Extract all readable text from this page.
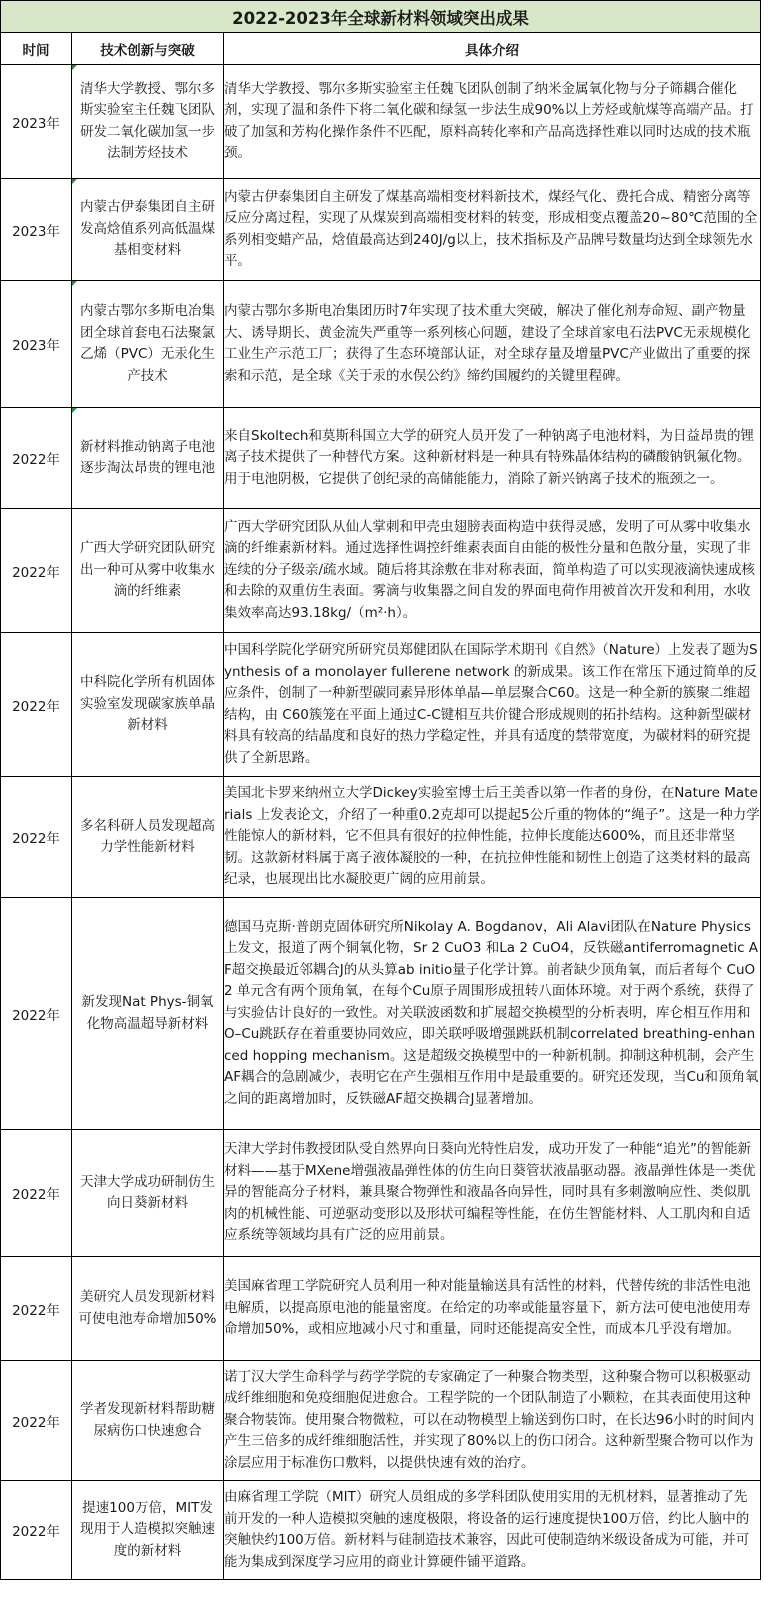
2022-2023年全球新材料领域突出成果		
时间	技术创新与突破	具体介绍
2023年	清华大学教授、鄂尔多斯实验室主任魏飞团队研发二氧化碳加氢一步法制芳烃技术	清华大学教授、鄂尔多斯实验室主任魏飞团队创制了纳米金属氧化物与分子筛耦合催化剂，实现了温和条件下将二氧化碳和绿氢一步法生成90%以上芳烃或航煤等高端产品。打破了加氢和芳构化操作条件不匹配，原料高转化率和产品高选择性难以同时达成的技术瓶颈。

2023年	内蒙古伊泰集团自主研发高焓值系列高低温煤基相变材料	内蒙古伊泰集团自主研发了煤基高端相变材料新技术，煤经气化、费托合成、精密分离等反应分离过程，实现了从煤炭到高端相变材料的转变，形成相变点覆盖20~80℃范围的全系列相变蜡产品，焓值最高达到240J/g以上，技术指标及产品牌号数量均达到全球领先水平。

2023年	内蒙古鄂尔多斯电冶集团全球首套电石法聚氯乙烯（PVC）无汞化生产技术	内蒙古鄂尔多斯电冶集团历时7年实现了技术重大突破，解决了催化剂寿命短、副产物量大、诱导期长、黄金流失严重等一系列核心问题，建设了全球首家电石法PVC无汞规模化工业生产示范工厂；获得了生态环境部认证，对全球存量及增量PVC产业做出了重要的探索和示范，是全球《关于汞的水俣公约》缔约国履约的关键里程碑。

2022年	新材料推动钠离子电池逐步淘汰昂贵的锂电池	来自Skoltech和莫斯科国立大学的研究人员开发了一种钠离子电池材料，为日益昂贵的锂离子技术提供了一种替代方案。这种新材料是一种具有特殊晶体结构的磷酸钠钒氟化物。用于电池阴极，它提供了创纪录的高储能能力，消除了新兴钠离子技术的瓶颈之一。

2022年	广西大学研究团队研究出一种可从雾中收集水滴的纤维素	广西大学研究团队从仙人掌刺和甲壳虫翅膀表面构造中获得灵感，发明了可从雾中收集水滴的纤维素新材料。通过选择性调控纤维素表面自由能的极性分量和色散分量，实现了非连续的分子级亲/疏水域。随后将其涂敷在非对称表面，简单构造了可以实现液滴快速成核和去除的双重仿生表面。雾滴与收集器之间自发的界面电荷作用被首次开发和利用，水收集效率高达93.18kg/（m²·h）。

2022年	中科院化学所有机固体实验室发现碳家族单晶新材料	中国科学院化学研究所研究员郑健团队在国际学术期刊《自然》（Nature）上发表了题为Synthesis of a monolayer fullerene network 的新成果。该工作在常压下通过简单的反应条件，创制了一种新型碳同素异形体单晶—单层聚合C60。这是一种全新的簇聚二维超结构，由 C60簇笼在平面上通过C-C键相互共价键合形成规则的拓扑结构。这种新型碳材料具有较高的结晶度和良好的热力学稳定性，并具有适度的禁带宽度，为碳材料的研究提供了全新思路。

2022年	多名科研人员发现超高力学性能新材料	美国北卡罗来纳州立大学Dickey实验室博士后王美香以第一作者的身份，在Nature Materials 上发表论文，介绍了一种重0.2克却可以提起5公斤重的物体的“绳子”。这是一种力学性能惊人的新材料，它不但具有很好的拉伸性能，拉伸长度能达600%，而且还非常坚韧。这款新材料属于离子液体凝胶的一种，在抗拉伸性能和韧性上创造了这类材料的最高纪录，也展现出比水凝胶更广阔的应用前景。

2022年	新发现Nat Phys-铜氧化物高温超导新材料	德国马克斯·普朗克固体研究所Nikolay A. Bogdanov，Ali Alavi团队在Nature Physics上发文，报道了两个铜氧化物，Sr 2 CuO3 和La 2 CuO4，反铁磁antiferromagnetic AF超交换最近邻耦合J的从头算ab initio量子化学计算。前者缺少顶角氧，而后者每个 CuO2 单元含有两个顶角氧，在每个Cu原子周围形成扭转八面体环境。对于两个系统，获得了与实验估计良好的一致性。对关联波函数和扩展超交换模型的分析表明，库仑相互作用和O–Cu跳跃存在着重要协同效应，即关联呼吸增强跳跃机制correlated breathing-enhanced hopping mechanism。这是超级交换模型中的一种新机制。抑制这种机制，会产生AF耦合的急剧减少，表明它在产生强相互作用中是最重要的。研究还发现，当Cu和顶角氧之间的距离增加时，反铁磁AF超交换耦合J显著增加。

2022年	天津大学成功研制仿生向日葵新材料	天津大学封伟教授团队受自然界向日葵向光特性启发，成功开发了一种能“追光”的智能新材料——基于MXene增强液晶弹性体的仿生向日葵管状液晶驱动器。液晶弹性体是一类优异的智能高分子材料，兼具聚合物弹性和液晶各向异性，同时具有多刺激响应性、类似肌肉的机械性能、可逆驱动变形以及形状可编程等性能，在仿生智能材料、人工肌肉和自适应系统等领域均具有广泛的应用前景。

2022年	美研究人员发现新材料可使电池寿命增加50%	美国麻省理工学院研究人员利用一种对能量输送具有活性的材料，代替传统的非活性电池电解质，以提高原电池的能量密度。在给定的功率或能量容量下，新方法可使电池使用寿命增加50%，或相应地减小尺寸和重量，同时还能提高安全性，而成本几乎没有增加。

2022年	学者发现新材料帮助糖尿病伤口快速愈合	诺丁汉大学生命科学与药学学院的专家确定了一种聚合物类型，这种聚合物可以积极驱动成纤维细胞和免疫细胞促进愈合。工程学院的一个团队制造了小颗粒，在其表面使用这种聚合物装饰。使用聚合物微粒，可以在动物模型上输送到伤口时，在长达96小时的时间内产生三倍多的成纤维细胞活性，并实现了80%以上的伤口闭合。这种新型聚合物可以作为涂层应用于标准伤口敷料，以提供快速有效的治疗。

2022年	提速100万倍，MIT发现用于人造模拟突触速度的新材料	由麻省理工学院（MIT）研究人员组成的多学科团队使用实用的无机材料，显著推动了先前开发的一种人造模拟突触的速度极限，将设备的运行速度提快100万倍，约比人脑中的突触快约100万倍。新材料与硅制造技术兼容，因此可使制造纳米级设备成为可能，并可能为集成到深度学习应用的商业计算硬件铺平道路。
